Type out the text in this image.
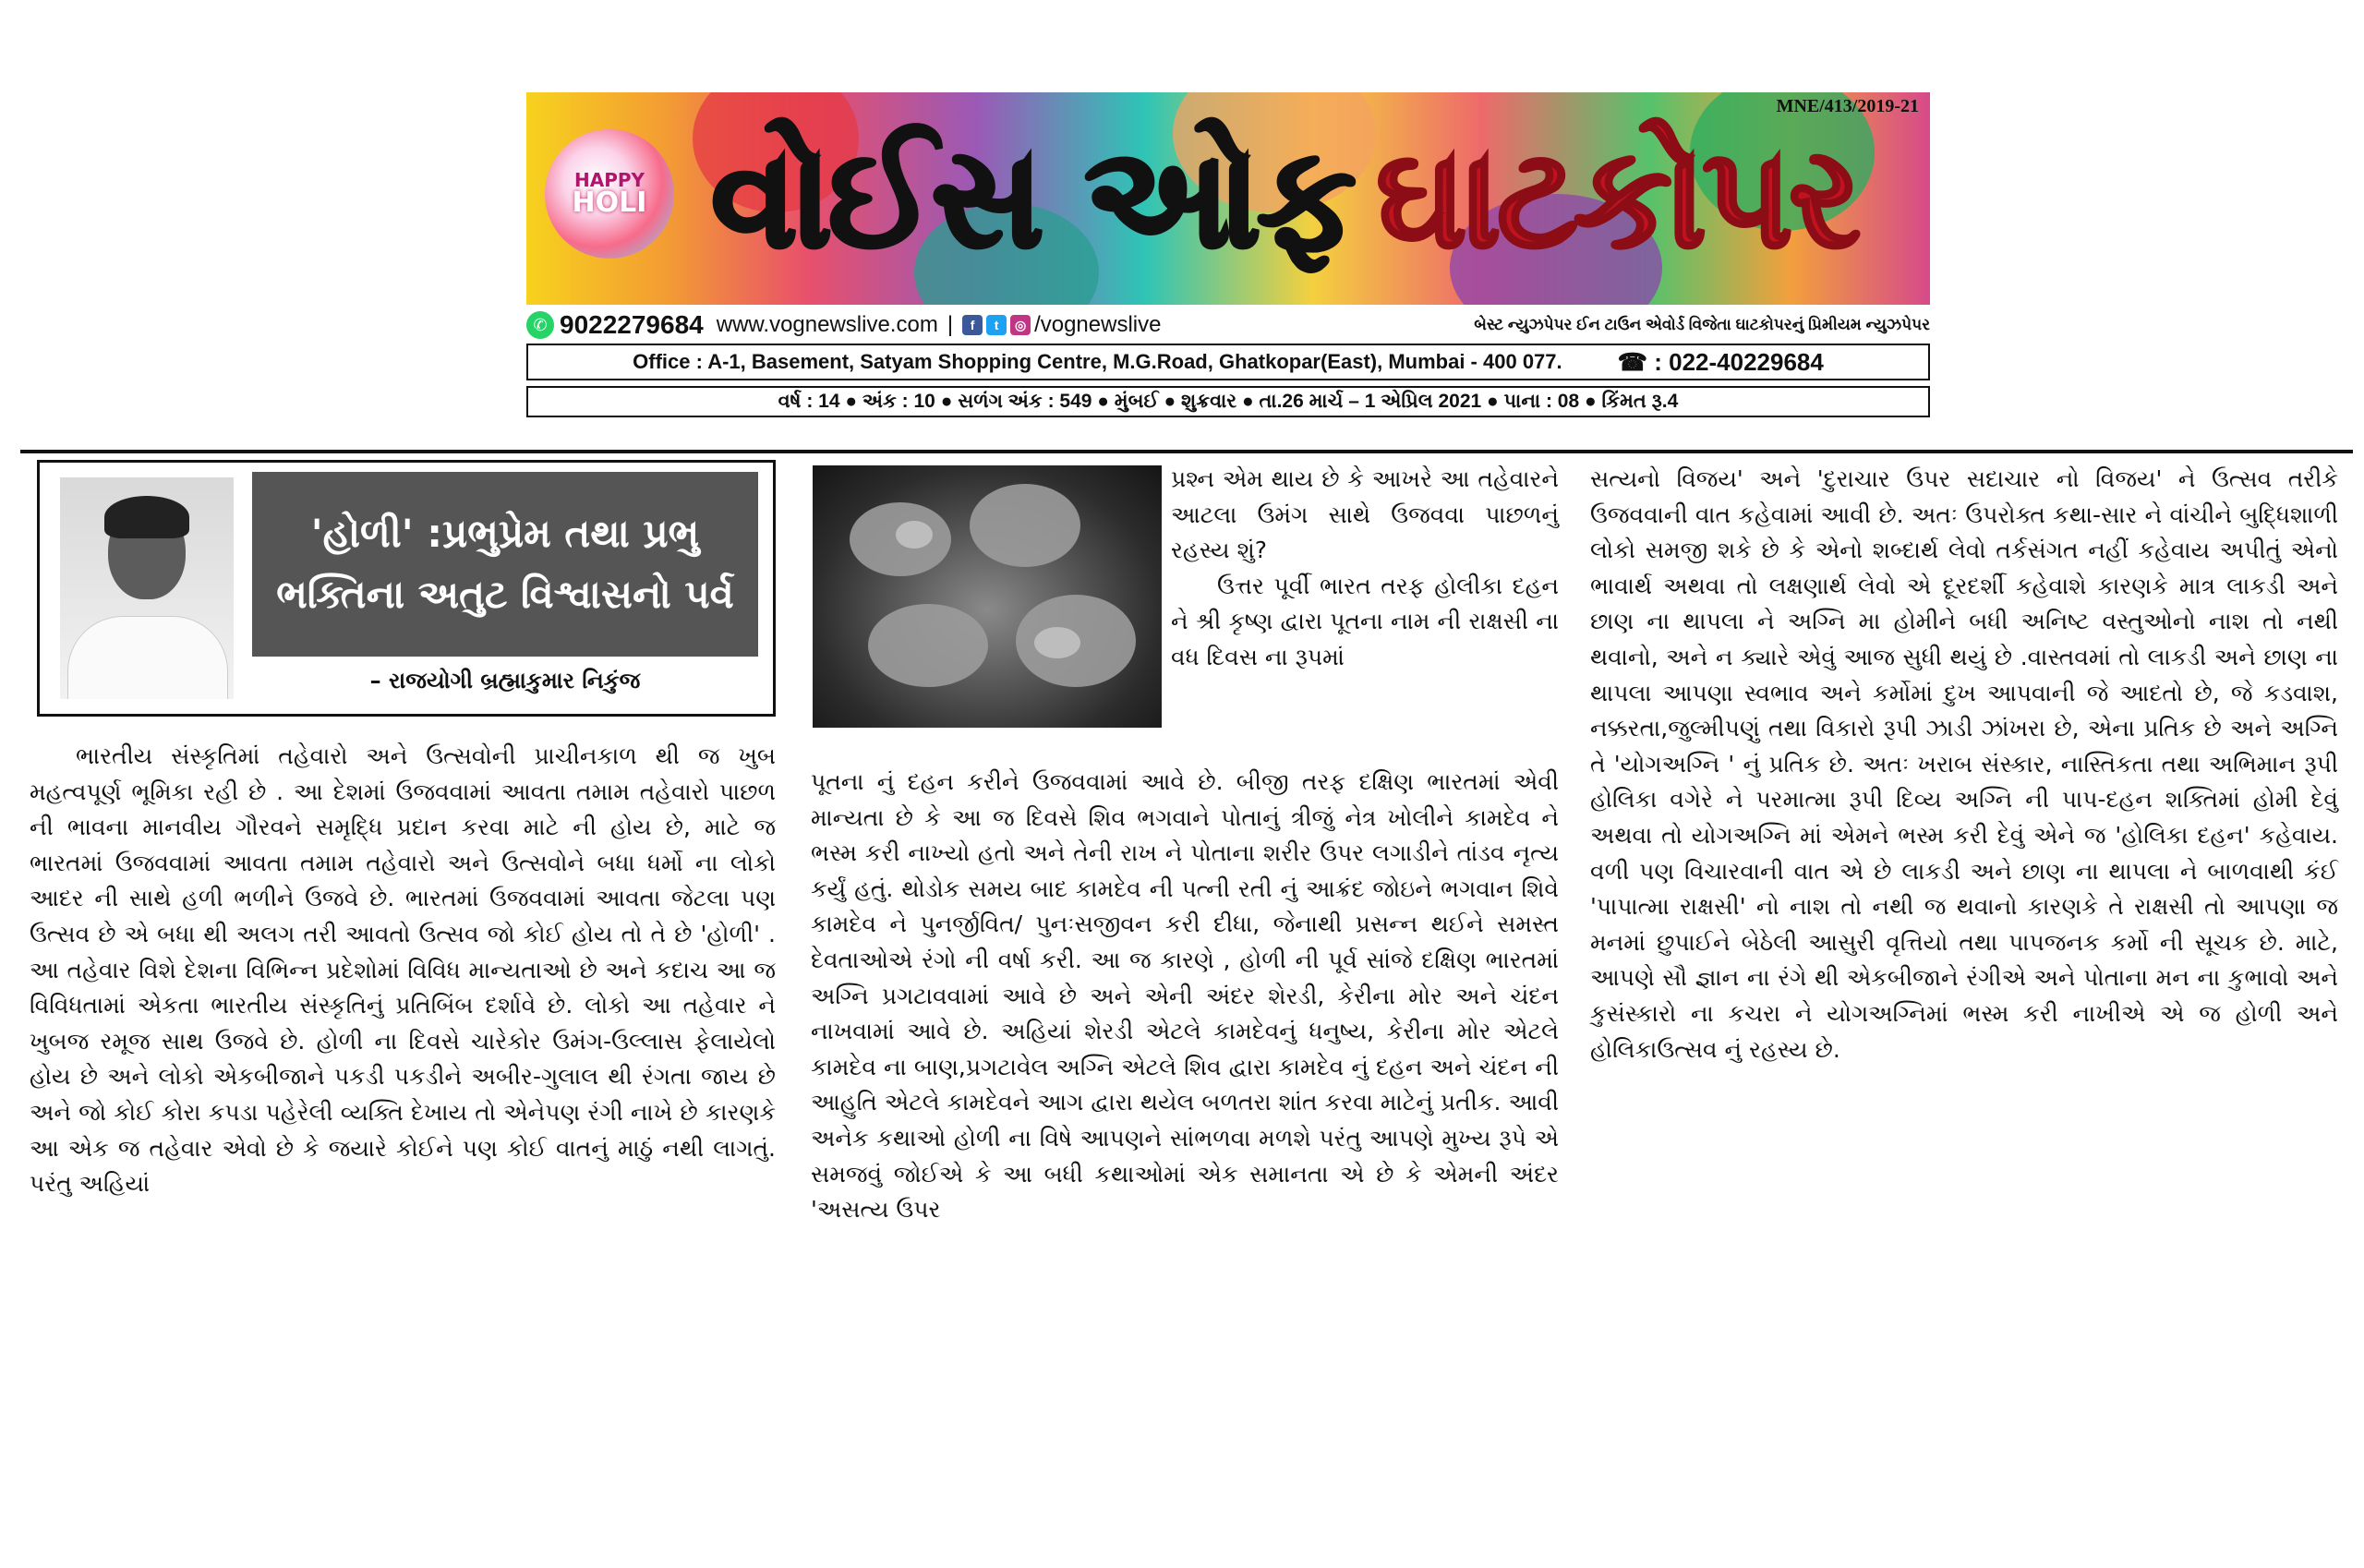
HAPPY
HOLI વોઈસ ઓફ ઘાટકોપર
MNE/413/2019-21
✆ 9022279684 www.vognewslive.com |	f	t	◎ /vognewslive	બેસ્ટ ન્યુઝપેપર ઈન ટાઉન એવોર્ડ વિજેતા ઘાટકોપરનું પ્રિમીયમ ન્યુઝપેપર
Office : A-1, Basement, Satyam Shopping Centre, M.G.Road, Ghatkopar(East), Mumbai - 400 077. ☎ : 022-40229684
વર્ષ : 14 ● અંક : 10 ● સળંગ અંક : 549 ● મુંબઈ ● શુક્રવાર ● તા.26 માર્ચ – 1 એપ્રિલ 2021 ● પાના : 08 ● કિંમત રૂ.4
'હોળી' :પ્રભુપ્રેમ તથા પ્રભુ
ભક્તિના અતુટ વિશ્વાસનો પર્વ
– રાજયોગી બ્રહ્માકુમાર નિકુંજ
ભારતીય સંસ્કૃતિમાં તહેવારો અને ઉત્સવોની પ્રાચીનકાળ થી જ ખુબ મહત્વપૂર્ણ ભૂમિકા રહી છે . આ દેશમાં ઉજવવામાં આવતા તમામ તહેવારો પાછળ ની ભાવના માનવીય ગૌરવને સમૃદ્ધિ પ્રદાન કરવા માટે ની હોય છે, માટે જ ભારતમાં ઉજવવામાં આવતા તમામ તહેવારો અને ઉત્સવોને બધા ધર્મો ના લોકો આદર ની સાથે હળી ભળીને ઉજવે છે. ભારતમાં ઉજવવામાં આવતા જેટલા પણ ઉત્સવ છે એ બધા થી અલગ તરી આવતો ઉત્સવ જો કોઈ હોય તો તે છે 'હોળી' . આ તહેવાર વિશે દેશના વિભિન્ન પ્રદેશોમાં વિવિધ માન્યતાઓ છે અને કદાચ આ જ વિવિધતામાં એકતા ભારતીય સંસ્કૃતિનું પ્રતિબિંબ દર્શાવે છે. લોકો આ તહેવાર ને ખુબજ રમૂજ સાથ ઉજવે છે. હોળી ના દિવસે ચારેકોર ઉમંગ-ઉલ્લાસ ફેલાયેલો હોય છે અને લોકો એકબીજાને પકડી પકડીને અબીર-ગુલાલ થી રંગતા જાય છે અને જો કોઈ કોરા કપડા પહેરેલી વ્યક્તિ દેખાય તો એનેપણ રંગી નાખે છે કારણકે આ એક જ તહેવાર એવો છે કે જયારે કોઈને પણ કોઈ વાતનું માઠું નથી લાગતું. પરંતુ અહિયાં
પ્રશ્ન એમ થાય છે કે આખરે આ તહેવારને આટલા ઉમંગ સાથે ઉજવવા પાછળનું રહસ્ય શું?
ઉત્તર પૂર્વી ભારત તરફ હોલીકા દહન ને શ્રી કૃષ્ણ દ્વારા પૂતના નામ ની રાક્ષસી ના વધ દિવસ ના રૂપમાં
પૂતના નું દહન કરીને ઉજવવામાં આવે છે. બીજી તરફ દક્ષિણ ભારતમાં એવી માન્યતા છે કે આ જ દિવસે શિવ ભગવાને પોતાનું ત્રીજું નેત્ર ખોલીને કામદેવ ને ભસ્મ કરી નાખ્યો હતો અને તેની રાખ ને પોતાના શરીર ઉપર લગાડીને તાંડવ નૃત્ય કર્યું હતું. થોડોક સમય બાદ કામદેવ ની પત્ની રતી નું આક્રંદ જોઇને ભગવાન શિવે કામદેવ ને પુનર્જીવિત/ પુનઃસજીવન કરી દીધા, જેનાથી પ્રસન્ન થઈને સમસ્ત દેવતાઓએ રંગો ની વર્ષા કરી. આ જ કારણે , હોળી ની પૂર્વ સાંજે દક્ષિણ ભારતમાં અગ્નિ પ્રગટાવવામાં આવે છે અને એની અંદર શેરડી, કેરીના મોર અને ચંદન નાખવામાં આવે છે. અહિયાં શેરડી એટલે કામદેવનું ધનુષ્ય, કેરીના મોર એટલે કામદેવ ના બાણ,પ્રગટાવેલ અગ્નિ એટલે શિવ દ્વારા કામદેવ નું દહન અને ચંદન ની આહુતિ એટલે કામદેવને આગ દ્વારા થયેલ બળતરા શાંત કરવા માટેનું પ્રતીક. આવી અનેક કથાઓ હોળી ના વિષે આપણને સાંભળવા મળશે પરંતુ આપણે મુખ્ય રૂપે એ સમજવું જોઈએ કે આ બધી કથાઓમાં એક સમાનતા એ છે કે એમની અંદર 'અસત્ય ઉપર
સત્યનો વિજય' અને 'દુરાચાર ઉપર સદાચાર નો વિજય' ને ઉત્સવ તરીકે ઉજવવાની વાત કહેવામાં આવી છે. અતઃ ઉપરોક્ત કથા-સાર ને વાંચીને બુદ્ધિશાળી લોકો સમજી શકે છે કે એનો શબ્દાર્થ લેવો તર્કસંગત નહીં કહેવાય અપીતું એનો ભાવાર્થ અથવા તો લક્ષણાર્થ લેવો એ દૂરદર્શી કહેવાશે કારણકે માત્ર લાકડી અને છાણ ના થાપલા ને અગ્નિ મા હોમીને બધી અનિષ્ટ વસ્તુઓનો નાશ તો નથી થવાનો, અને ન ક્યારે એવું આજ સુધી થયું છે .વાસ્તવમાં તો લાકડી અને છાણ ના થાપલા આપણા સ્વભાવ અને કર્મોમાં દુખ આપવાની જે આદતો છે, જે કડવાશ, નક્કરતા,જુલ્મીપણું તથા વિકારો રૂપી ઝાડી ઝાંખરા છે, એના પ્રતિક છે અને અગ્નિ તે 'યોગઅગ્નિ ' નું પ્રતિક છે. અતઃ ખરાબ સંસ્કાર, નાસ્તિકતા તથા અભિમાન રૂપી હોલિકા વગેરે ને પરમાત્મા રૂપી દિવ્ય અગ્નિ ની પાપ-દહન શક્તિમાં હોમી દેવું અથવા તો યોગઅગ્નિ માં એમને ભસ્મ કરી દેવું એને જ 'હોલિકા દહન' કહેવાય. વળી પણ વિચારવાની વાત એ છે લાકડી અને છાણ ના થાપલા ને બાળવાથી કંઈ 'પાપાત્મા રાક્ષસી' નો નાશ તો નથી જ થવાનો કારણકે તે રાક્ષસી તો આપણા જ મનમાં છુપાઈને બેઠેલી આસુરી વૃત્તિયો તથા પાપજનક કર્મો ની સૂચક છે. માટે, આપણે સૌ જ્ઞાન ના રંગે થી એકબીજાને રંગીએ અને પોતાના મન ના કુભાવો અને કુસંસ્કારો ના કચરા ને યોગઅગ્નિમાં ભસ્મ કરી નાખીએ એ જ હોળી અને હોલિકાઉત્સવ નું રહસ્ય છે.
